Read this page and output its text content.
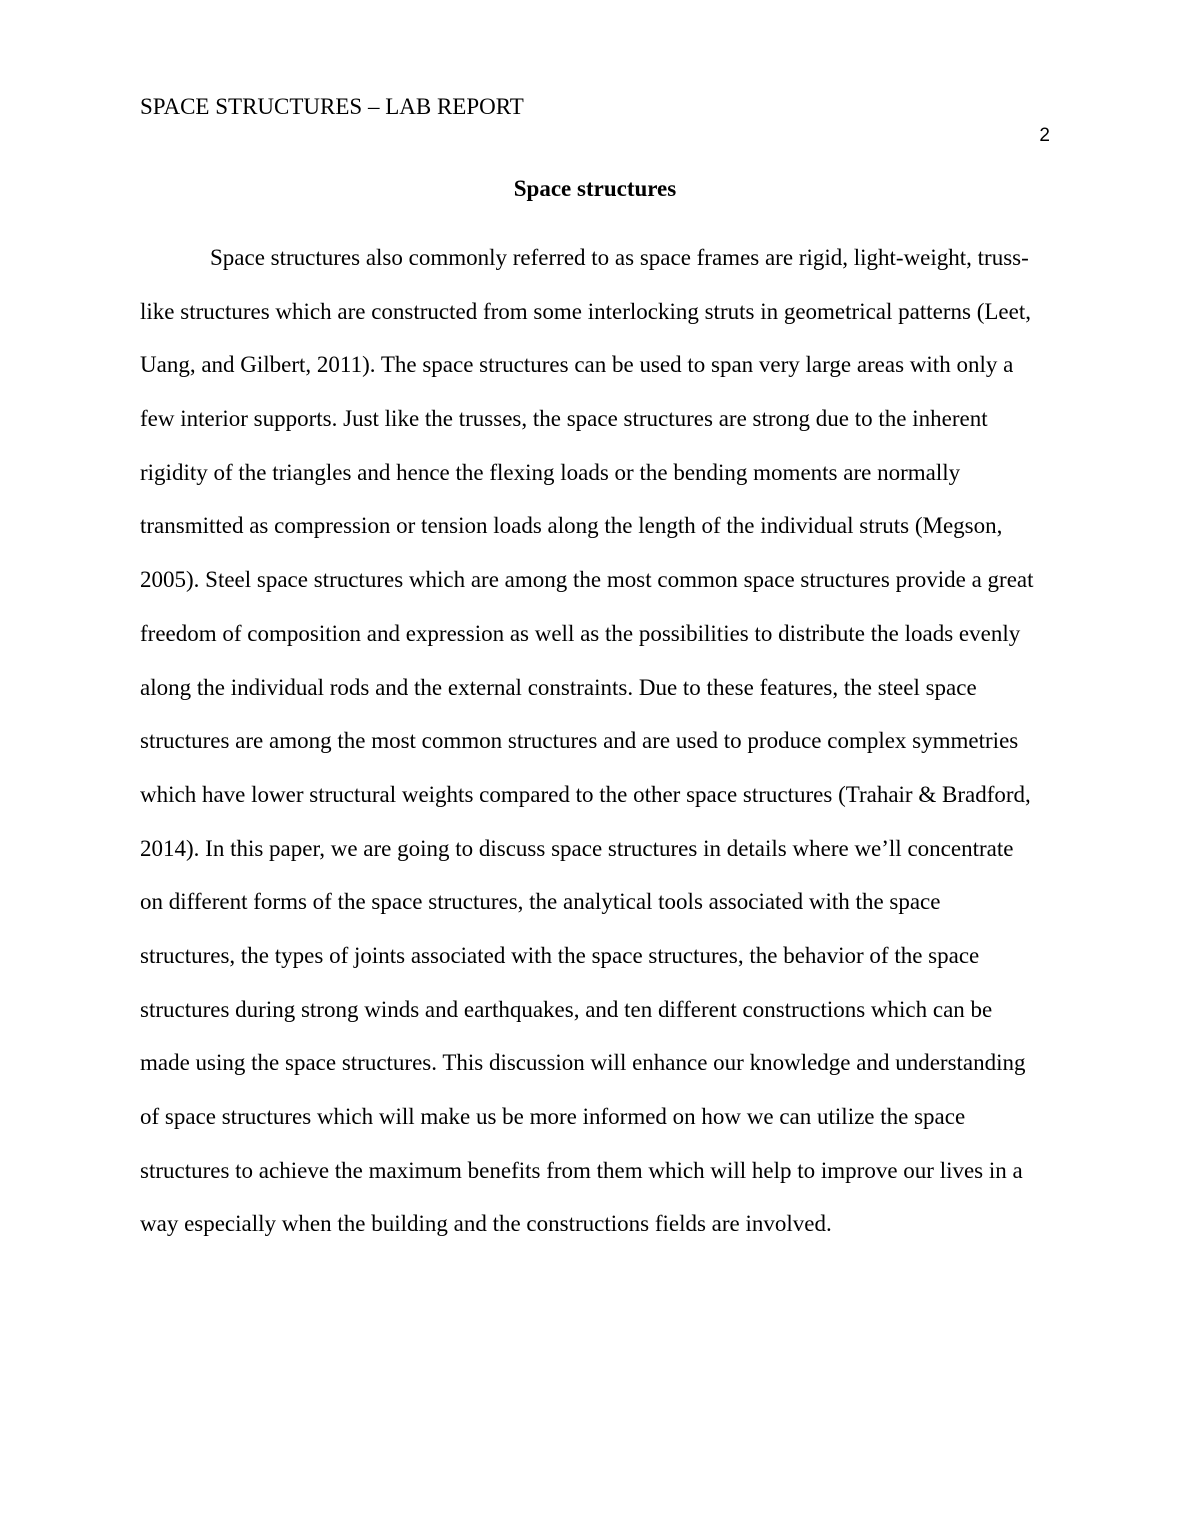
SPACE STRUCTURES – LAB REPORT
2
Space structures
Space structures also commonly referred to as space frames are rigid, light-weight, truss-
like structures which are constructed from some interlocking struts in geometrical patterns (Leet,
Uang, and Gilbert, 2011). The space structures can be used to span very large areas with only a
few interior supports. Just like the trusses, the space structures are strong due to the inherent
rigidity of the triangles and hence the flexing loads or the bending moments are normally
transmitted as compression or tension loads along the length of the individual struts (Megson,
2005). Steel space structures which are among the most common space structures provide a great
freedom of composition and expression as well as the possibilities to distribute the loads evenly
along the individual rods and the external constraints. Due to these features, the steel space
structures are among the most common structures and are used to produce complex symmetries
which have lower structural weights compared to the other space structures (Trahair & Bradford,
2014). In this paper, we are going to discuss space structures in details where we’ll concentrate
on different forms of the space structures, the analytical tools associated with the space
structures, the types of joints associated with the space structures, the behavior of the space
structures during strong winds and earthquakes, and ten different constructions which can be
made using the space structures. This discussion will enhance our knowledge and understanding
of space structures which will make us be more informed on how we can utilize the space
structures to achieve the maximum benefits from them which will help to improve our lives in a
way especially when the building and the constructions fields are involved.
